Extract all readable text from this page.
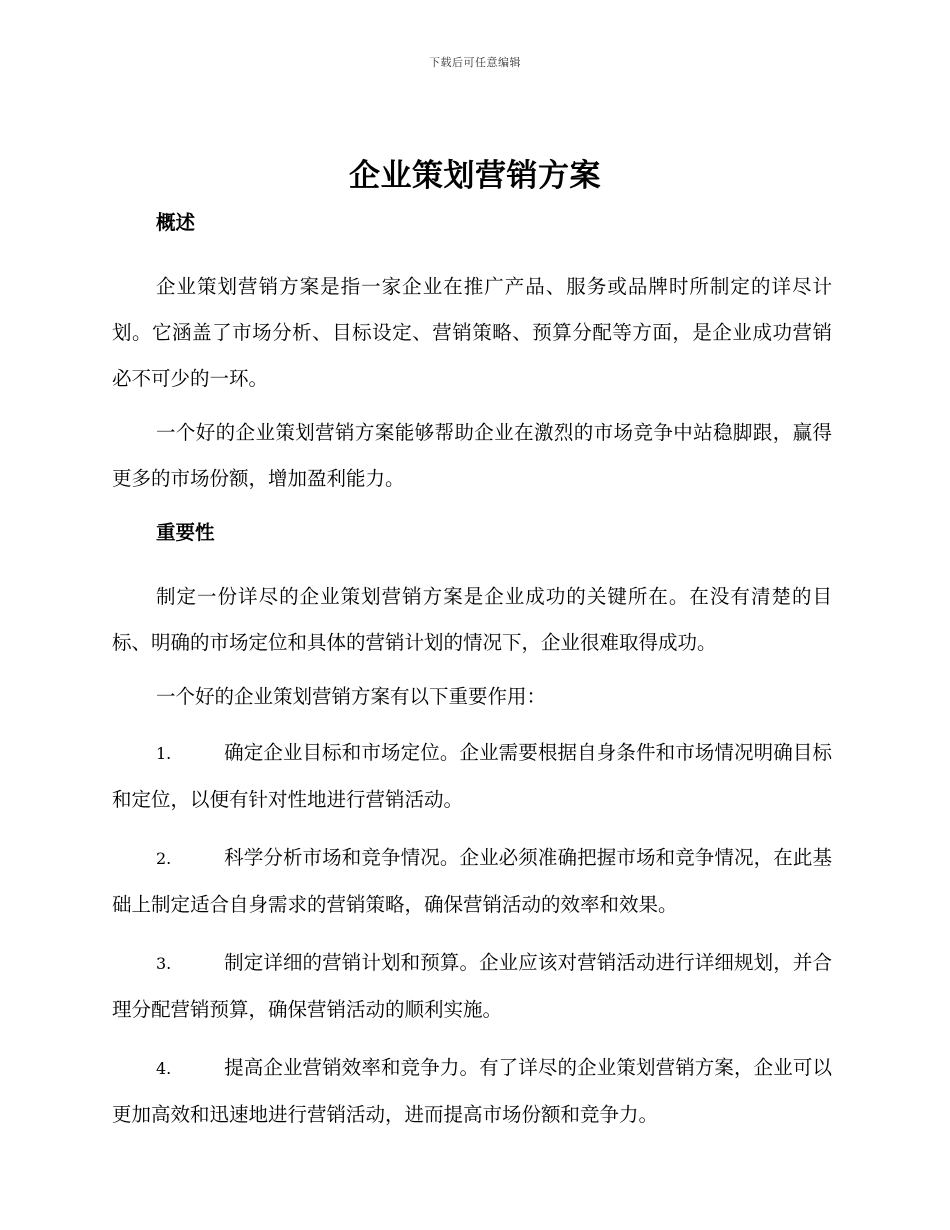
下载后可任意编辑
企业策划营销方案
概述

企业策划营销方案是指一家企业在推广产品、服务或品牌时所制定的详尽计划。它涵盖了市场分析、目标设定、营销策略、预算分配等方面，是企业成功营销必不可少的一环。

一个好的企业策划营销方案能够帮助企业在激烈的市场竞争中站稳脚跟，赢得更多的市场份额，增加盈利能力。

重要性

制定一份详尽的企业策划营销方案是企业成功的关键所在。在没有清楚的目标、明确的市场定位和具体的营销计划的情况下，企业很难取得成功。

一个好的企业策划营销方案有以下重要作用：

1.	确定企业目标和市场定位。企业需要根据自身条件和市场情况明确目标和定位，以便有针对性地进行营销活动。
2.	科学分析市场和竞争情况。企业必须准确把握市场和竞争情况，在此基础上制定适合自身需求的营销策略，确保营销活动的效率和效果。
3.	制定详细的营销计划和预算。企业应该对营销活动进行详细规划，并合理分配营销预算，确保营销活动的顺利实施。
4.	提高企业营销效率和竞争力。有了详尽的企业策划营销方案，企业可以更加高效和迅速地进行营销活动，进而提高市场份额和竞争力。
